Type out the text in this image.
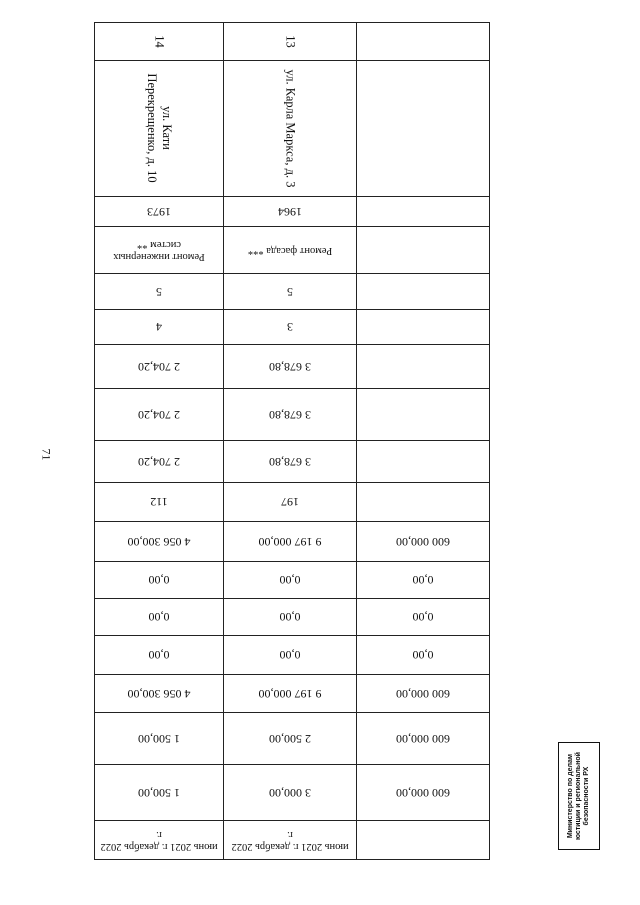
71

	июнь 2021 г. декабрь 2022 г.	июнь 2021 г. декабрь 2022 г.

600 000,00	3 000,00	1 500,00
600 000,00	2 500,00	1 500,00
600 000,00	9 197 000,00	4 056 300,00
0,00	0,00	0,00
0,00	0,00	0,00
0,00	0,00	0,00
600 000,00	9 197 000,00	4 056 300,00
	197	112
	3 678,80	2 704,20
	3 678,80	2 704,20
	3 678,80	2 704,20
	3	4
	5	5

	Ремонт фасада ***	Ремонт инженерных систем **

	1964	1973
	ул. Карла Маркса, д. 3	ул. Кати Перекрещенко, д. 10
	13	14
Министерство по делам юстиции и региональной безопасности РХ
